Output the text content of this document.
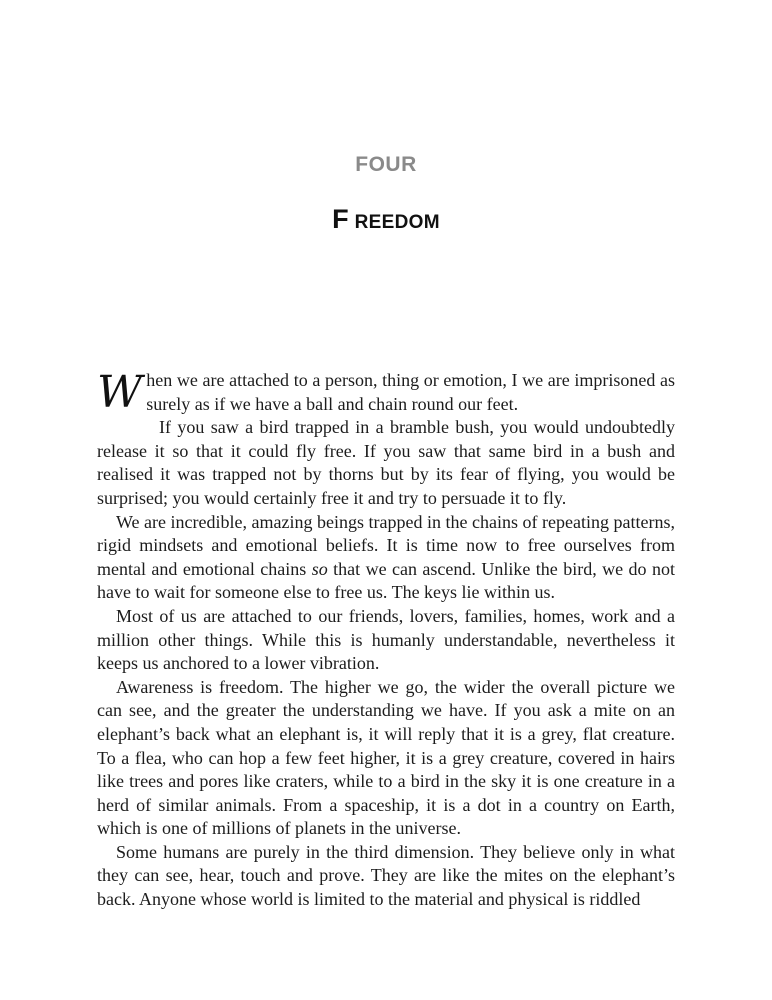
FOUR
F REEDOM

When we are attached to a person, thing or emotion, I we are imprisoned as surely as if we have a ball and chain round our feet.

If you saw a bird trapped in a bramble bush, you would undoubtedly release it so that it could fly free. If you saw that same bird in a bush and realised it was trapped not by thorns but by its fear of flying, you would be surprised; you would certainly free it and try to persuade it to fly.

We are incredible, amazing beings trapped in the chains of repeating patterns, rigid mindsets and emotional beliefs. It is time now to free ourselves from mental and emotional chains so that we can ascend. Unlike the bird, we do not have to wait for someone else to free us. The keys lie within us.

Most of us are attached to our friends, lovers, families, homes, work and a million other things. While this is humanly understandable, nevertheless it keeps us anchored to a lower vibration.

Awareness is freedom. The higher we go, the wider the overall picture we can see, and the greater the understanding we have. If you ask a mite on an elephant’s back what an elephant is, it will reply that it is a grey, flat creature. To a flea, who can hop a few feet higher, it is a grey creature, covered in hairs like trees and pores like craters, while to a bird in the sky it is one creature in a herd of similar animals. From a spaceship, it is a dot in a country on Earth, which is one of millions of planets in the universe.

Some humans are purely in the third dimension. They believe only in what they can see, hear, touch and prove. They are like the mites on the elephant’s back. Anyone whose world is limited to the material and physical is riddled
